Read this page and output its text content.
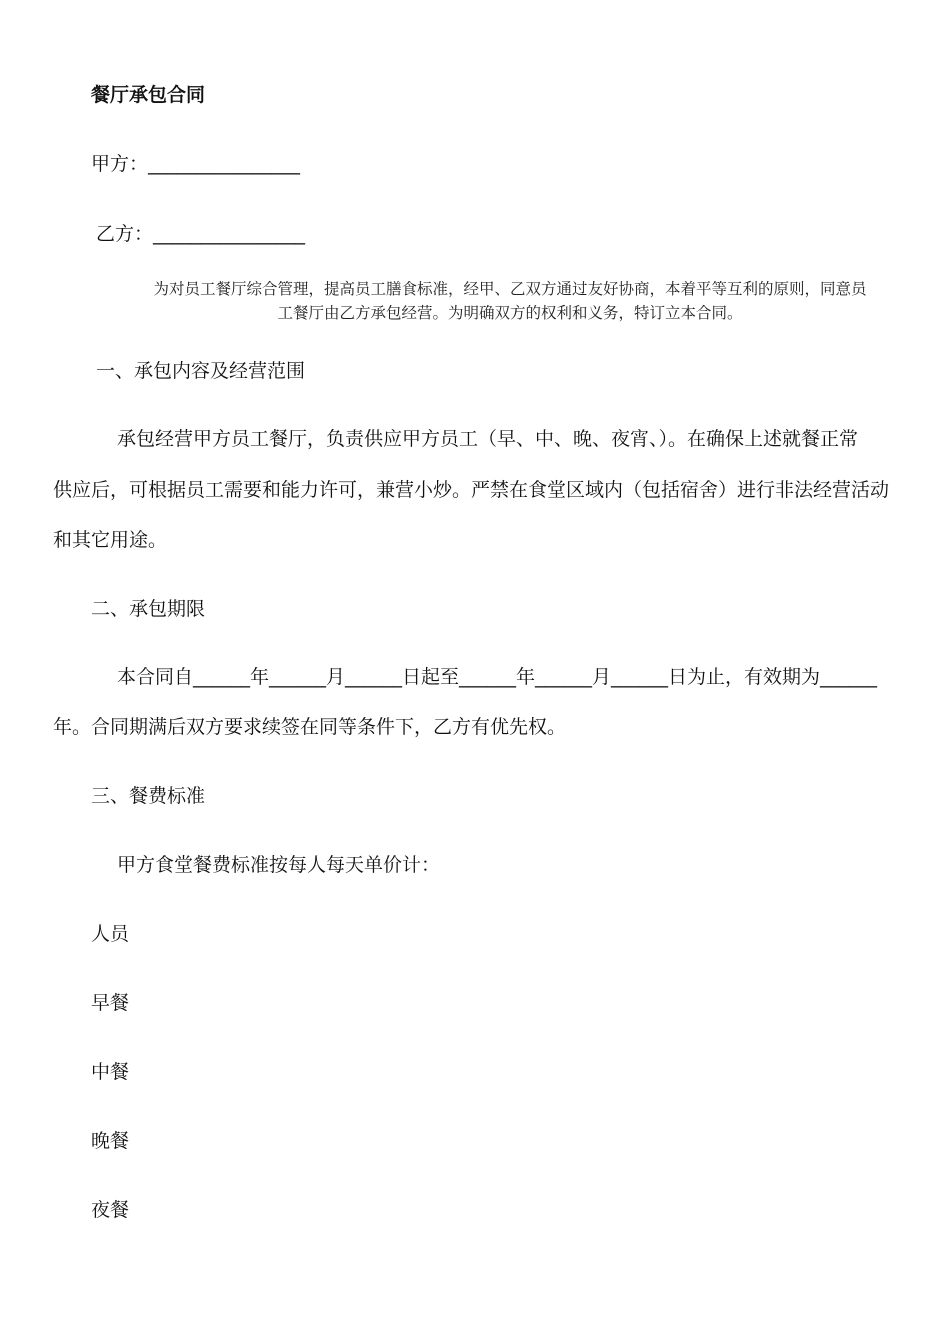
餐厅承包合同
甲方：________________
乙方：________________
为对员工餐厅综合管理，提高员工膳食标准，经甲、乙双方通过友好协商，本着平等互利的原则，同意员
工餐厅由乙方承包经营。为明确双方的权利和义务，特订立本合同。
一、承包内容及经营范围
承包经营甲方员工餐厅，负责供应甲方员工（早、中、晚、夜宵、）。在确保上述就餐正常
供应后，可根据员工需要和能力许可，兼营小炒。严禁在食堂区域内（包括宿舍）进行非法经营活动
和其它用途。
二、承包期限
本合同自______年______月______日起至______年______月______日为止，有效期为______
年。合同期满后双方要求续签在同等条件下，乙方有优先权。
三、餐费标准
甲方食堂餐费标准按每人每天单价计：
人员
早餐
中餐
晚餐
夜餐
